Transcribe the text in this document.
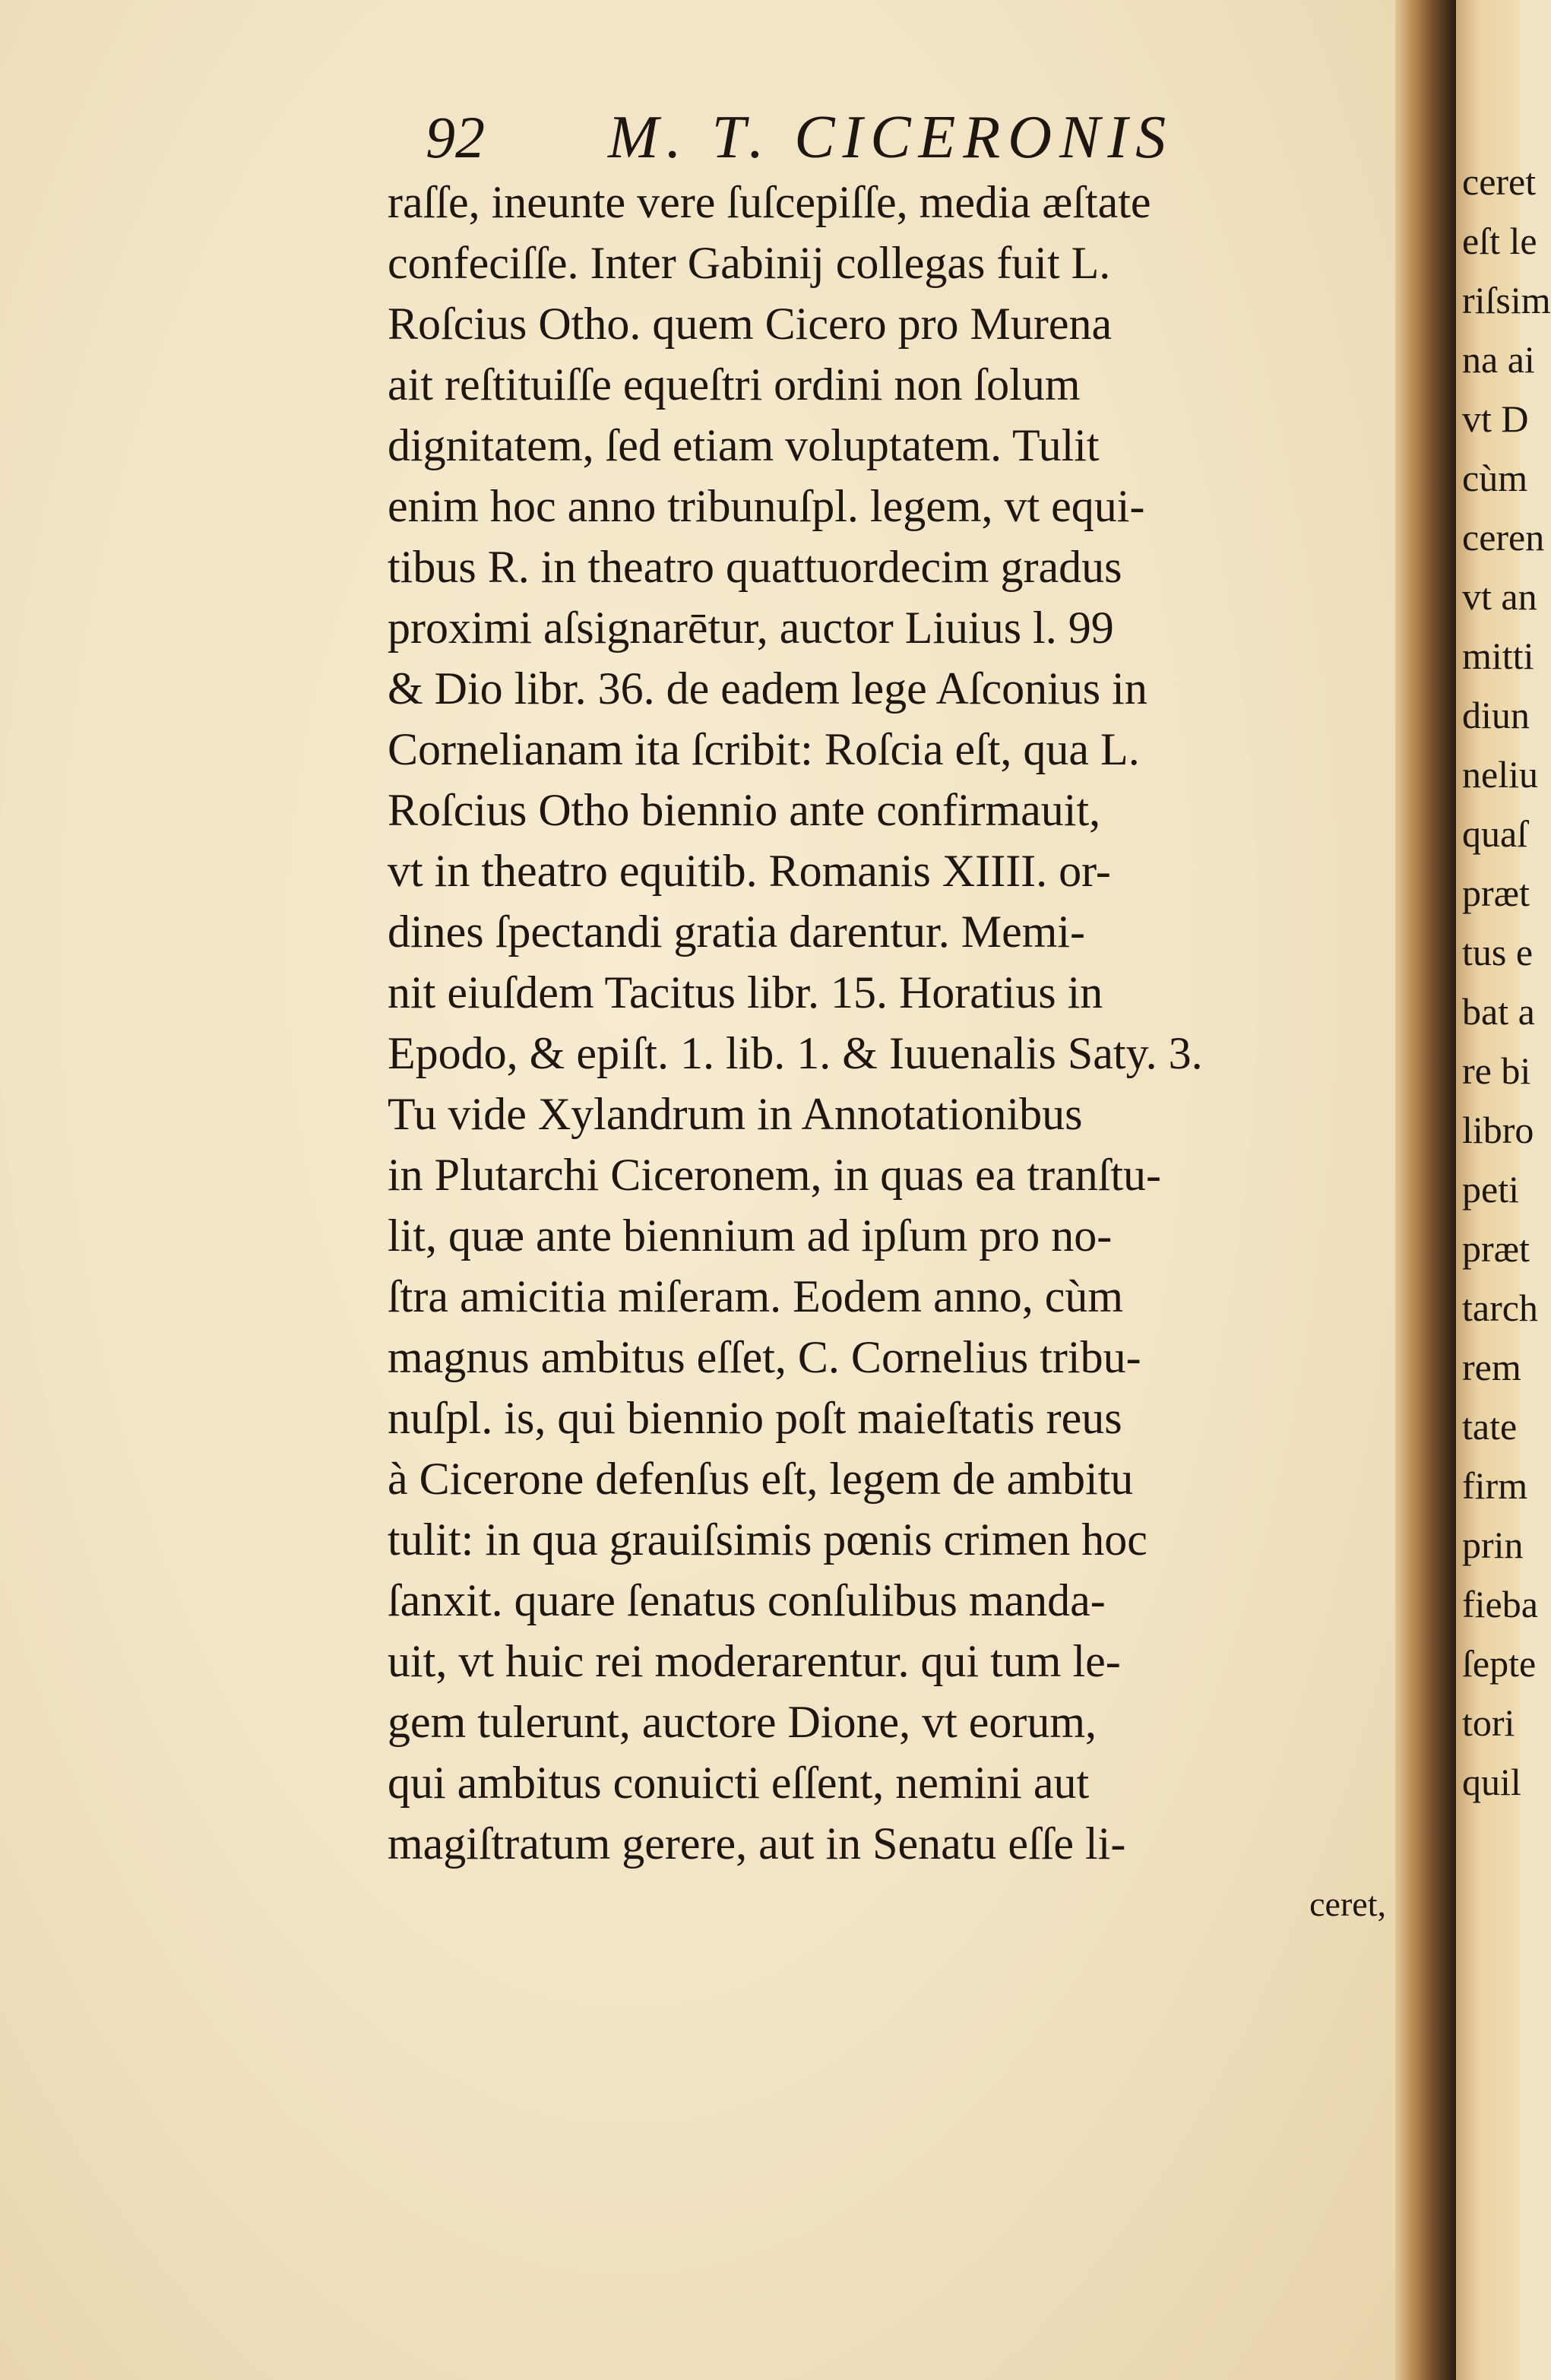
92 M. T. CICERONIS
raſſe, ineunte vere ſuſcepiſſe, media æſtate
confeciſſe. Inter Gabinij collegas fuit L.
Roſcius Otho. quem Cicero pro Murena
ait reſtituiſſe equeſtri ordini non ſolum
dignitatem, ſed etiam voluptatem. Tulit
enim hoc anno tribunuſpl. legem, vt equi-
tibus R. in theatro quattuordecim gradus
proximi aſsignarētur, auctor Liuius l. 99
& Dio libr. 36. de eadem lege Aſconius in
Cornelianam ita ſcribit: Roſcia eſt, qua L.
Roſcius Otho biennio ante confirmauit,
vt in theatro equitib. Romanis XIIII. or-
dines ſpectandi gratia darentur. Memi-
nit eiuſdem Tacitus libr. 15. Horatius in
Epodo, & epiſt. 1. lib. 1. & Iuuenalis Saty. 3.
Tu vide Xylandrum in Annotationibus
in Plutarchi Ciceronem, in quas ea tranſtu-
lit, quæ ante biennium ad ipſum pro no-
ſtra amicitia miſeram. Eodem anno, cùm
magnus ambitus eſſet, C. Cornelius tribu-
nuſpl. is, qui biennio poſt maieſtatis reus
à Cicerone defenſus eſt, legem de ambitu
tulit: in qua grauiſsimis pœnis crimen hoc
ſanxit. quare ſenatus conſulibus manda-
uit, vt huic rei moderarentur. qui tum le-
gem tulerunt, auctore Dione, vt eorum,
qui ambitus conuicti eſſent, nemini aut
magiſtratum gerere, aut in Senatu eſſe li-
ceret,
ceret
eſt le
riſsim
na ai
vt D
cùm
ceren
vt an
mitti
diun
neliu
quaſ
præt
tus e
bat a
re bi
libro
peti
præt
tarch
rem
tate
firm
prin
fieba
ſepte
tori
quil
